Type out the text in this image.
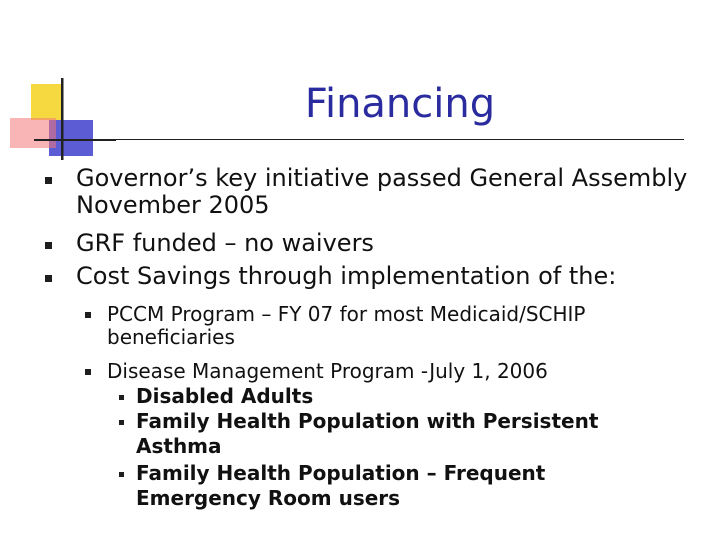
Financing
Governor’s key initiative passed General Assembly November 2005
GRF funded – no waivers
Cost Savings through implementation of the:
PCCM Program – FY 07 for most Medicaid/SCHIP beneficiaries
Disease Management Program -July 1, 2006
Disabled Adults
Family Health Population with Persistent Asthma
Family Health Population – Frequent Emergency Room users
